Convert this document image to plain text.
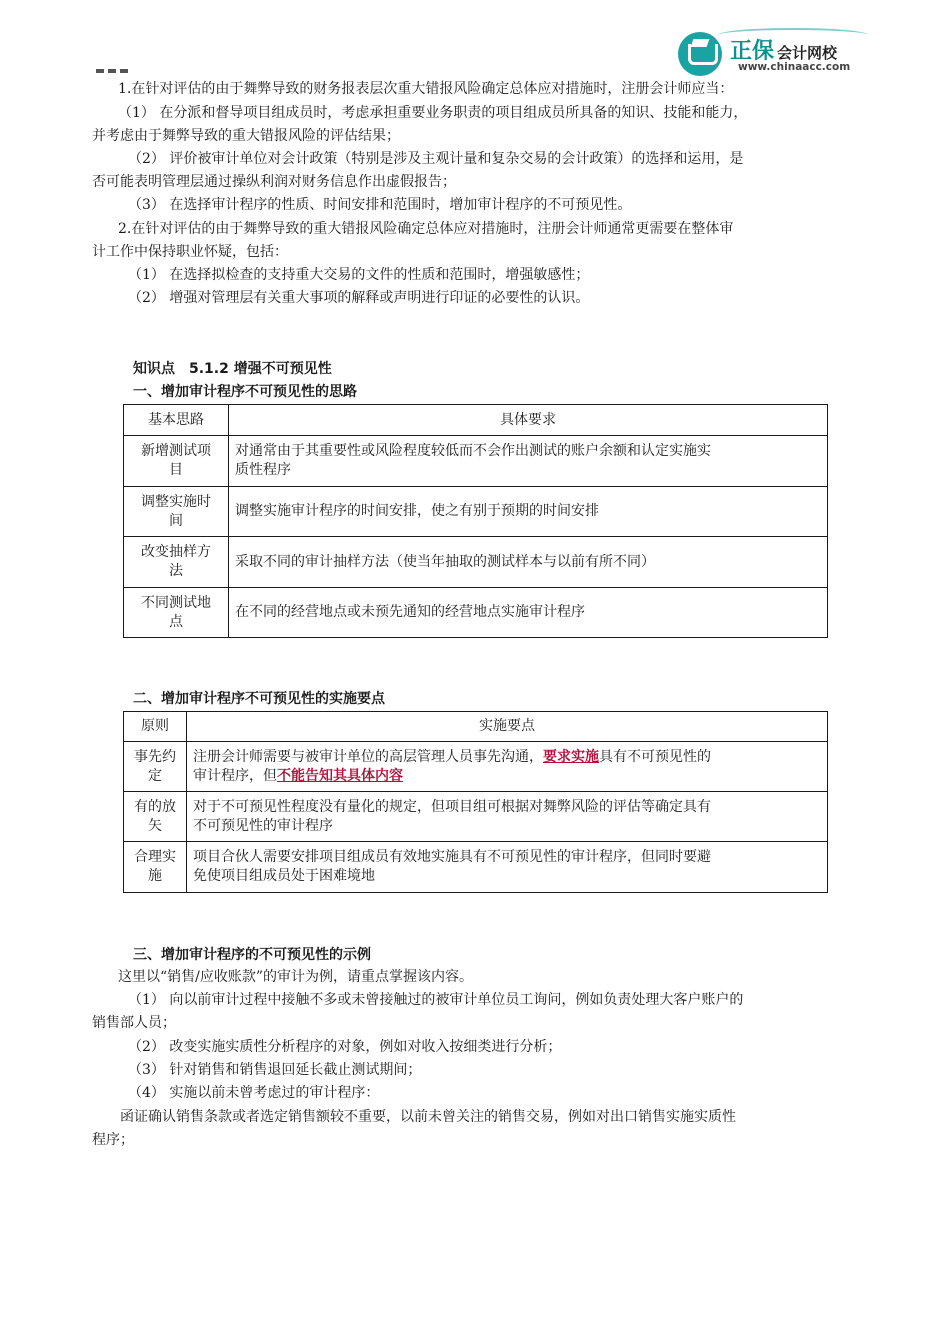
正保 会计网校
www.chinaacc.com
1.在针对评估的由于舞弊导致的财务报表层次重大错报风险确定总体应对措施时，注册会计师应当：
（1） 在分派和督导项目组成员时，考虑承担重要业务职责的项目组成员所具备的知识、技能和能力，
并考虑由于舞弊导致的重大错报风险的评估结果；
（2） 评价被审计单位对会计政策（特别是涉及主观计量和复杂交易的会计政策）的选择和运用，是
否可能表明管理层通过操纵利润对财务信息作出虚假报告；
（3） 在选择审计程序的性质、时间安排和范围时，增加审计程序的不可预见性。
2.在针对评估的由于舞弊导致的重大错报风险确定总体应对措施时，注册会计师通常更需要在整体审
计工作中保持职业怀疑，包括：
（1） 在选择拟检查的支持重大交易的文件的性质和范围时，增强敏感性；
（2） 增强对管理层有关重大事项的解释或声明进行印证的必要性的认识。
知识点　5.1.2 增强不可预见性
一、增加审计程序不可预见性的思路
基本思路	具体要求
新增测试项
目	对通常由于其重要性或风险程度较低而不会作出测试的账户余额和认定实施实
质性程序
调整实施时
间	调整实施审计程序的时间安排，使之有别于预期的时间安排
改变抽样方
法	采取不同的审计抽样方法（使当年抽取的测试样本与以前有所不同）
不同测试地
点	在不同的经营地点或未预先通知的经营地点实施审计程序
二、增加审计程序不可预见性的实施要点
原则	实施要点
事先约
定	注册会计师需要与被审计单位的高层管理人员事先沟通，要求实施具有不可预见性的
审计程序，但不能告知其具体内容
有的放
矢	对于不可预见性程度没有量化的规定，但项目组可根据对舞弊风险的评估等确定具有
不可预见性的审计程序
合理实
施	项目合伙人需要安排项目组成员有效地实施具有不可预见性的审计程序，但同时要避
免使项目组成员处于困难境地
三、增加审计程序的不可预见性的示例
这里以“销售/应收账款”的审计为例，请重点掌握该内容。
（1） 向以前审计过程中接触不多或未曾接触过的被审计单位员工询问，例如负责处理大客户账户的
销售部人员；
（2） 改变实施实质性分析程序的对象，例如对收入按细类进行分析；
（3） 针对销售和销售退回延长截止测试期间；
（4） 实施以前未曾考虑过的审计程序：
函证确认销售条款或者选定销售额较不重要，以前未曾关注的销售交易，例如对出口销售实施实质性
程序；
